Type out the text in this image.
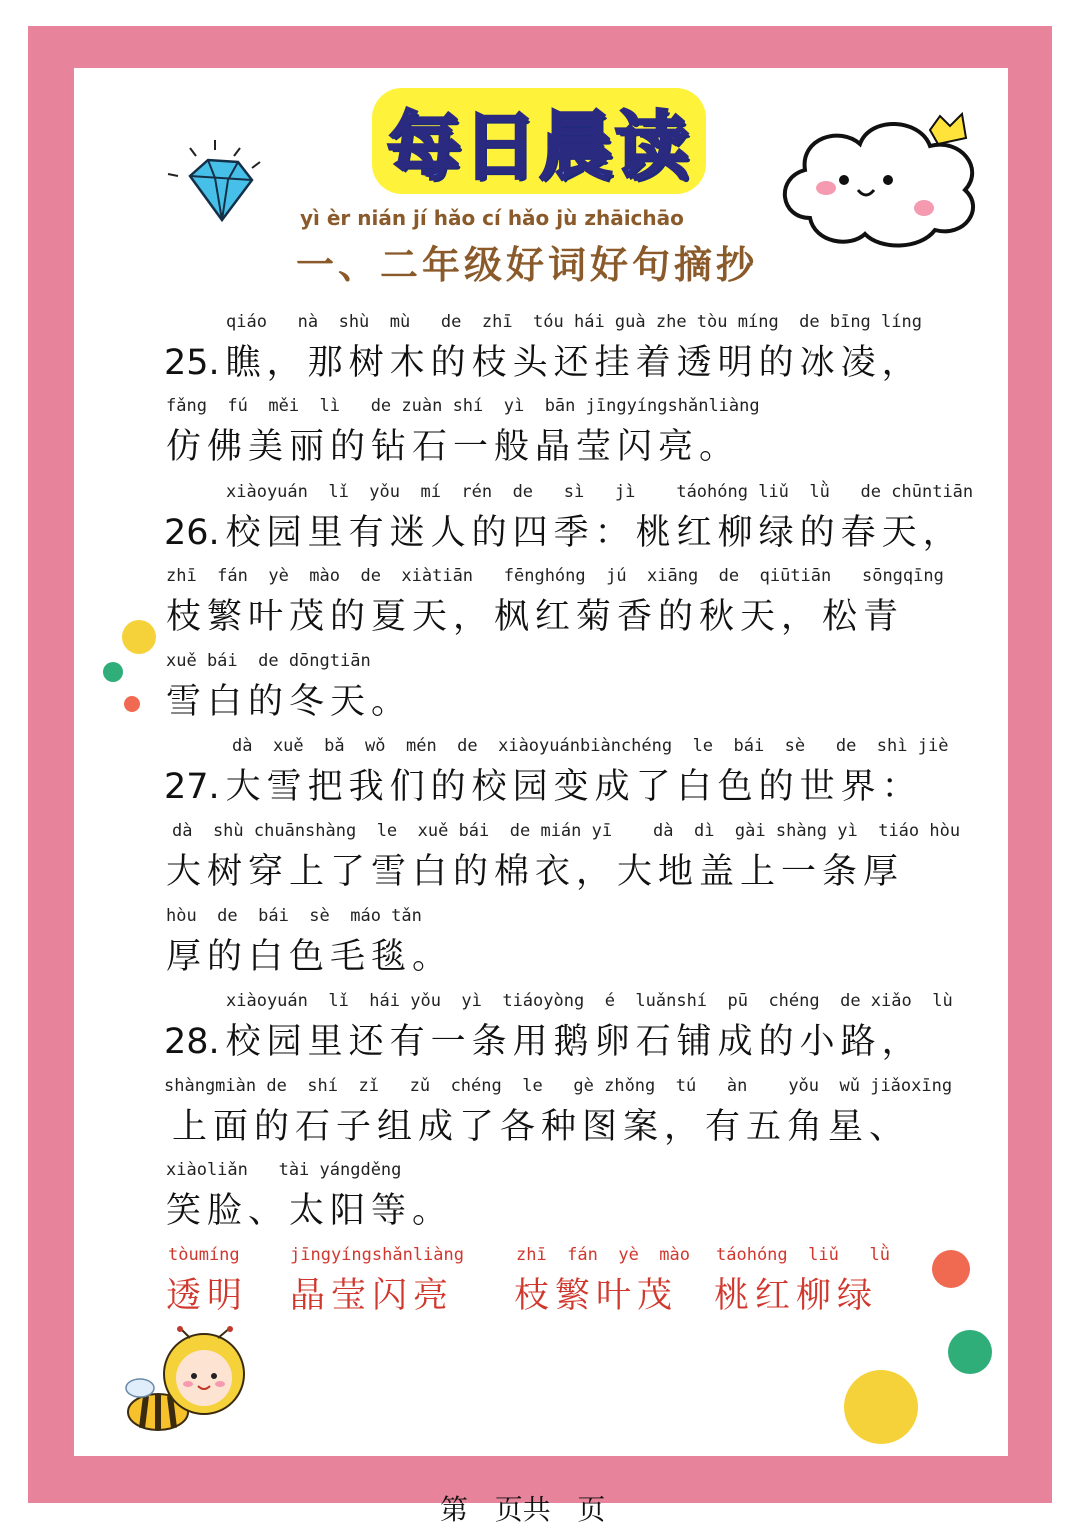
每日晨读
yì èr nián jí hǎo cí hǎo jù zhāichāo
一、二年级好词好句摘抄
qiáo   nà  shù  mù   de  zhī  tóu hái guà zhe tòu míng  de bīng líng
25. 瞧，那树木的枝头还挂着透明的冰凌，
fǎng  fú  měi  lì   de zuàn shí  yì  bān jīngyíngshǎnliàng
仿佛美丽的钻石一般晶莹闪亮。
xiàoyuán  lǐ  yǒu  mí  rén  de   sì   jì    táohóng liǔ  lǜ   de chūntiān
26. 校园里有迷人的四季：桃红柳绿的春天，
zhī  fán  yè  mào  de  xiàtiān   fēnghóng  jú  xiāng  de  qiūtiān   sōngqīng
枝繁叶茂的夏天，枫红菊香的秋天，松青
xuě bái  de dōngtiān
雪白的冬天。
dà  xuě  bǎ  wǒ  mén  de  xiàoyuánbiànchéng  le  bái  sè   de  shì jiè
27. 大雪把我们的校园变成了白色的世界：
dà  shù chuānshàng  le  xuě bái  de mián yī    dà  dì  gài shàng yì  tiáo hòu
大树穿上了雪白的棉衣，大地盖上一条厚
hòu  de  bái  sè  máo tǎn
厚的白色毛毯。
xiàoyuán  lǐ  hái yǒu  yì  tiáoyòng  é  luǎnshí  pū  chéng  de xiǎo  lù
28. 校园里还有一条用鹅卵石铺成的小路，
shàngmiàn de  shí  zǐ   zǔ  chéng  le   gè zhǒng  tú   àn    yǒu  wǔ jiǎoxīng
上面的石子组成了各种图案，有五角星、
xiàoliǎn   tài yángděng
笑脸、太阳等。
tòumíng
透明
jīngyíngshǎnliàng
晶莹闪亮
zhī  fán  yè  mào
枝繁叶茂
táohóng  liǔ   lǜ
桃红柳绿
第   页共   页
